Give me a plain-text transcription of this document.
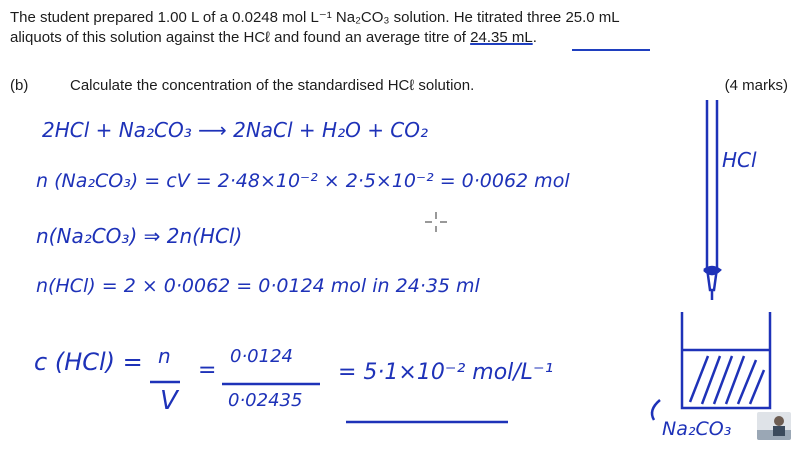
The student prepared 1.00 L of a 0.0248 mol L⁻¹ Na₂CO₃ solution. He titrated three 25.0 mL
aliquots of this solution against the HCℓ and found an average titre of 24.35 mL.
(b)	Calculate the concentration of the standardised HCℓ solution.	(4 marks)
2HCl + Na₂CO₃ ⟶ 2NaCl + H₂O + CO₂
n (Na₂CO₃) = cV = 2·48×10⁻² × 2·5×10⁻² = 0·0062 mol
n(Na₂CO₃) ⇒ 2n(HCl)
n(HCl) = 2 × 0·0062 = 0·0124 mol in 24·35 ml
c (HCl) = n
V
=
0·0124
0·02435
= 5·1×10⁻² mol/L⁻¹
HCl
Na₂CO₃
